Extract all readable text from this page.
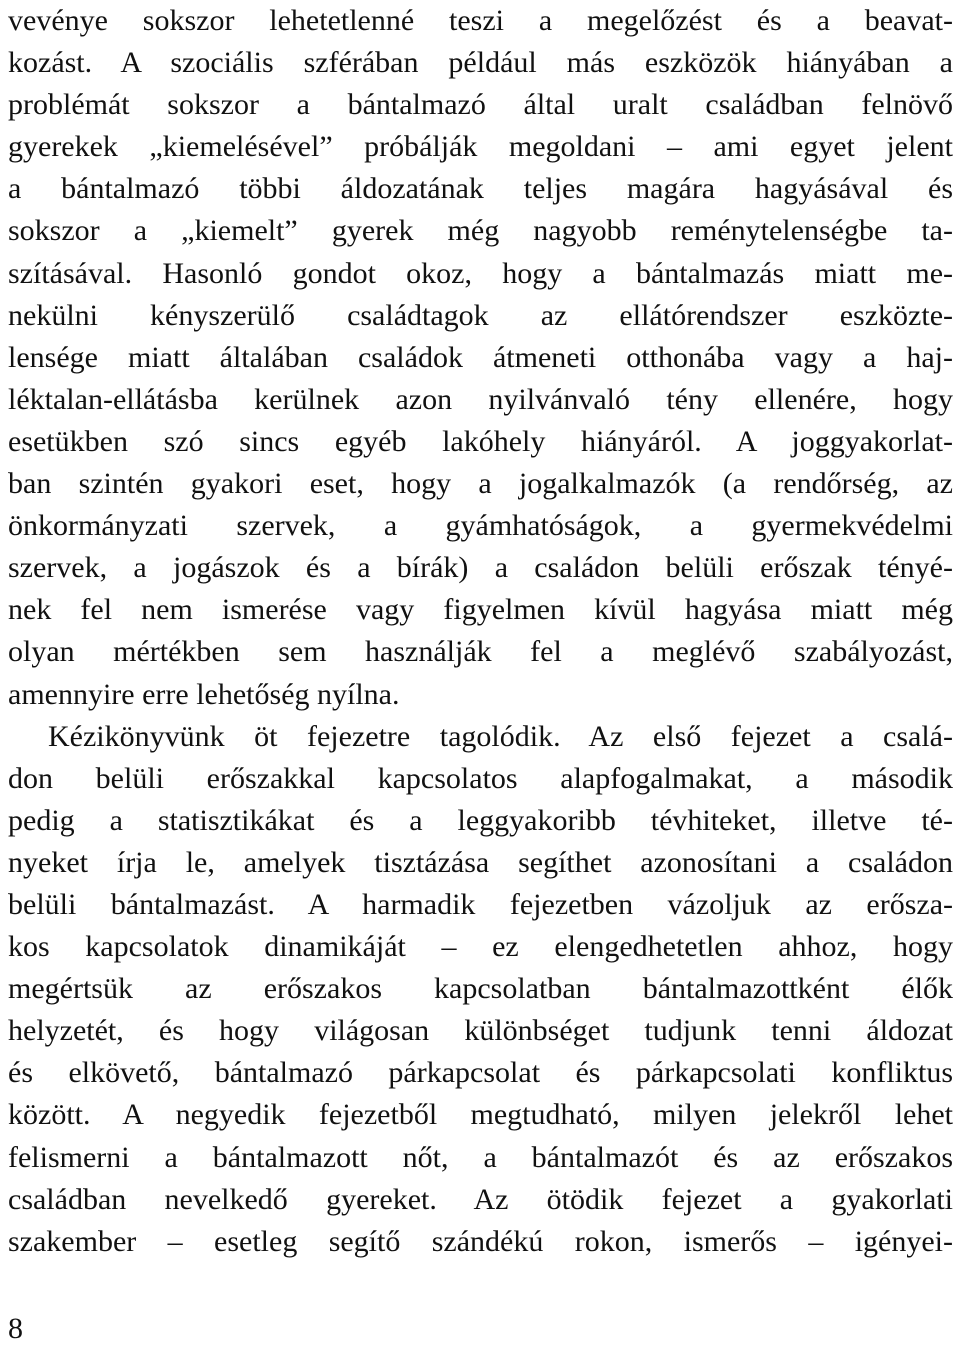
vevénye sokszor lehetetlenné teszi a megelőzést és a beavat-
kozást. A szociális szférában például más eszközök hiányában a
problémát sokszor a bántalmazó által uralt családban felnövő
gyerekek „kiemelésével” próbálják megoldani – ami egyet jelent
a bántalmazó többi áldozatának teljes magára hagyásával és
sokszor a „kiemelt” gyerek még nagyobb reménytelenségbe ta-
szításával. Hasonló gondot okoz, hogy a bántalmazás miatt me-
nekülni kényszerülő családtagok az ellátórendszer eszközte-
lensége miatt általában családok átmeneti otthonába vagy a haj-
léktalan-ellátásba kerülnek azon nyilvánvaló tény ellenére, hogy
esetükben szó sincs egyéb lakóhely hiányáról. A joggyakorlat-
ban szintén gyakori eset, hogy a jogalkalmazók (a rendőrség, az
önkormányzati szervek, a gyámhatóságok, a gyermekvédelmi
szervek, a jogászok és a bírák) a családon belüli erőszak tényé-
nek fel nem ismerése vagy figyelmen kívül hagyása miatt még
olyan mértékben sem használják fel a meglévő szabályozást,
amennyire erre lehetőség nyílna.
Kézikönyvünk öt fejezetre tagolódik. Az első fejezet a csalá-
don belüli erőszakkal kapcsolatos alapfogalmakat, a második
pedig a statisztikákat és a leggyakoribb tévhiteket, illetve té-
nyeket írja le, amelyek tisztázása segíthet azonosítani a családon
belüli bántalmazást. A harmadik fejezetben vázoljuk az erősza-
kos kapcsolatok dinamikáját – ez elengedhetetlen ahhoz, hogy
megértsük az erőszakos kapcsolatban bántalmazottként élők
helyzetét, és hogy világosan különbséget tudjunk tenni áldozat
és elkövető, bántalmazó párkapcsolat és párkapcsolati konfliktus
között. A negyedik fejezetből megtudható, milyen jelekről lehet
felismerni a bántalmazott nőt, a bántalmazót és az erőszakos
családban nevelkedő gyereket. Az ötödik fejezet a gyakorlati
szakember – esetleg segítő szándékú rokon, ismerős – igényei-
8
